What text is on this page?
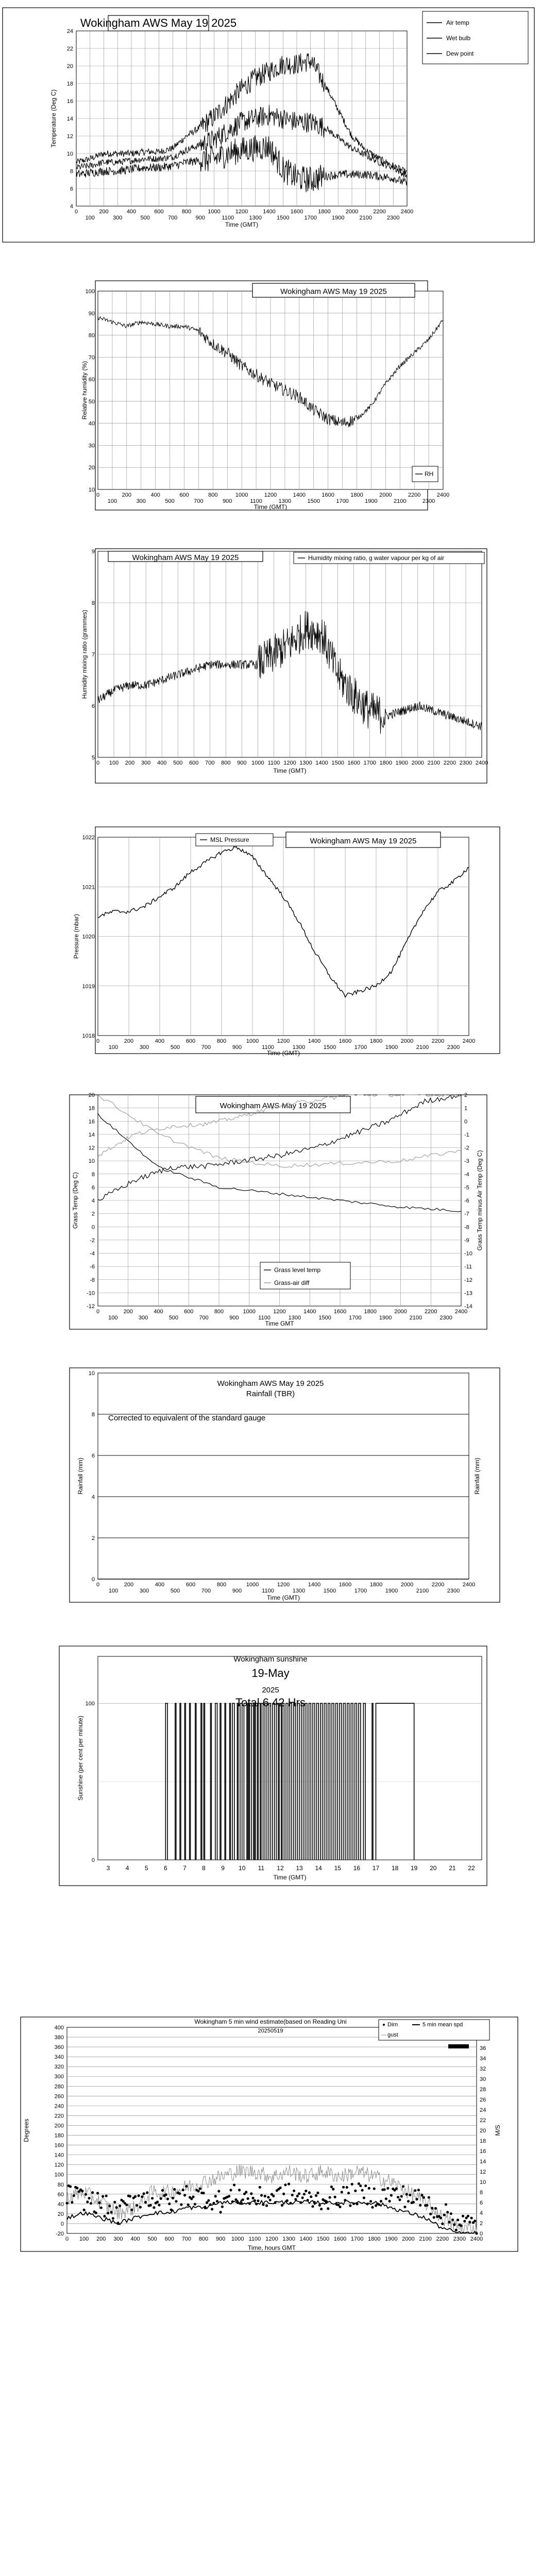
Wokingham AWS May 19 2025
0	200	400	600	800	1000	1200	1400	1600	1800	2000	2200	2400
100	300	500	700	900	1100	1300	1500	1700	1900	2100	2300
4
6
8
10
12
14
16
18
20
22
24
Time (GMT)
Temperature (Deg C)
Air temp
Wet bulb
Dew point
Wokingham AWS May 19 2025
0	200	400	600	800	1000	1200	1400	1600	1800	2000	2200	2400
100	300	500	700	900	1100	1300	1500	1700	1900	2100	2300
10
20
30
40
50
60
70
80
90
100
Time (GMT)
Relative humidity (%)
RH
Wokingham AWS May 19 2025
0 100 200 300 400 500 600 700 800 900 1000 1100 1200 1300 1400 1500 1600 1700 1800 1900 2000 2100 2200 2300 2400
5
6
7
8
9
Time (GMT)
Humidity mixing ratio (grammes)
Humidity mixing ratio, g water vapour per kg of air
Wokingham AWS May 19 2025
0	200	400	600	800	1000	1200	1400	1600	1800	2000	2200	2400
100	300	500	700	900	1100	1300	1500	1700	1900	2100	2300
1018
1019
1020
1021
1022
Time (GMT)
Pressure (mbar)
MSL Pressure
Wokingham AWS May 19 2025
0	200	400	600	800	1000	1200	1400	1600	1800	2000	2200	2400
100	300	500	700	900	1100	1300	1500	1700	1900	2100	2300
-12
-10
-8
-6
-4
-2
0
2
4
6
8
10
12
14
16
18
20
-14
-13
-12
-11
-10
-9
-8
-7
-6
-5
-4
-3
-2
-1
0
1
2
Time GMT
Grass Temp (Deg C)	Grass Temp minus Air Temp (Deg C)
Grass level temp
Grass-air diff
Wokingham AWS May 19 2025
Rainfall (TBR)
Corrected to equivalent of the standard gauge
0	200	400	600	800	1000	1200	1400	1600	1800	2000	2200	2400
100	300	500	700	900	1100	1300	1500	1700	1900	2100	2300
0
2
4
6
8
10
Time (GMT)
Rainfall (mm)	Rainfall (mm)
Wokingham sunshine
19-May
2025
Total 6.42 Hrs
3	4	5	6	7	8	9 10 11 12 13 14 15 16 17 18 19 20 21 22
Time (GMT)
100
0
Sunshine (per cent per minute)
Wokingham 5 min wind estimate(based on Reading Uni
20250519
0 100 200 300 400 500 600 700 800 900 1000 1100 1200 1300 1400 1500 1600 1700 1800 1900 2000 2100 2200 2300 2400
-20
0
20
40
60
80
100
120
140
160
180
200
220
240
260
280
300
320
340
360
380
400
0
2
4
6
8
10
12
14
16
18
20
22
24
26
28
30
32
34
36
Time, hours GMT
Degrees	M/S
Dirn
gust
5 min mean spd
